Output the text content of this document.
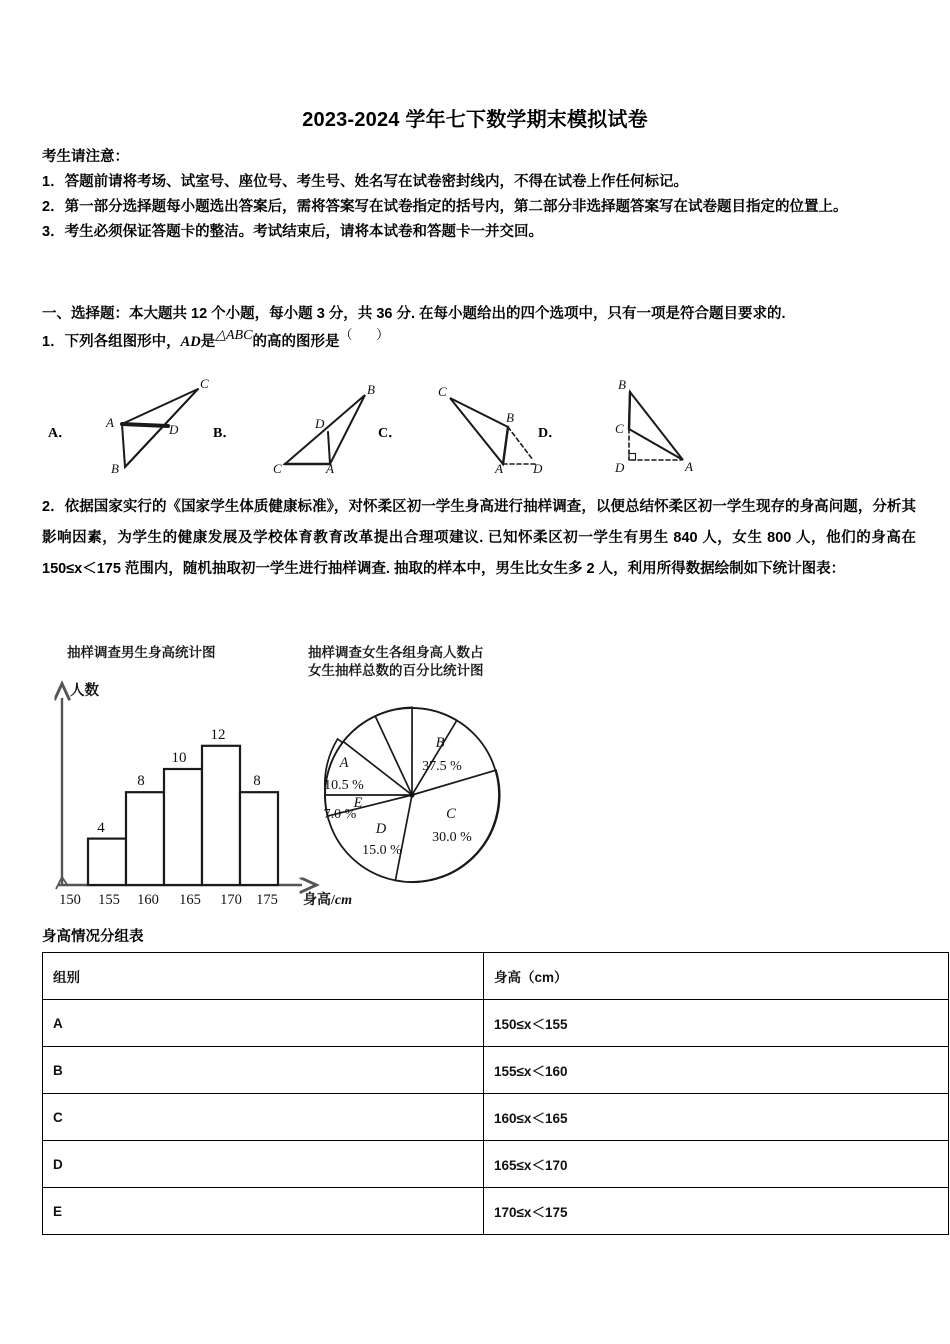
2023-2024 学年七下数学期末模拟试卷

考生请注意：

1．答题前请将考场、试室号、座位号、考生号、姓名写在试卷密封线内，不得在试卷上作任何标记。

2．第一部分选择题每小题选出答案后，需将答案写在试卷指定的括号内，第二部分非选择题答案写在试卷题目指定的位置上。

3．考生必须保证答题卡的整洁。考试结束后，请将本试卷和答题卡一并交回。

一、选择题：本大题共 12 个小题，每小题 3 分，共 36 分. 在每小题给出的四个选项中，只有一项是符合题目要求的.
1．下列各组图形中，AD是△ABC的高的图形是（ ）
A
B
C
D
C	A
B
D
C
B
A D
B
C
D	A
A．	B．	C．	D．
2．依据国家实行的《国家学生体质健康标准》，对怀柔区初一学生身高进行抽样调查，以便总结怀柔区初一学生现存的身高问题，分析其影响因素，为学生的健康发展及学校体育教育改革提出合理项建议. 已知怀柔区初一学生有男生 840 人，女生 800 人，他们的身高在 150≤x＜175 范围内，随机抽取初一学生进行抽样调查. 抽取的样本中，男生比女生多 2 人，利用所得数据绘制如下统计图表：
抽样调查男生身高统计图	抽样调查女生各组身高人数占
女生抽样总数的百分比统计图
4
8
10
12
8
150 155 160 165 170 175
人数
身高/cm
B
C
D
E
A	37.5 %
30.0 %
15.0 %
7.0 %
10.5 %
身高情况分组表
组别	身高（cm）
A	150≤x＜155
B	155≤x＜160
C	160≤x＜165
D	165≤x＜170
E	170≤x＜175
